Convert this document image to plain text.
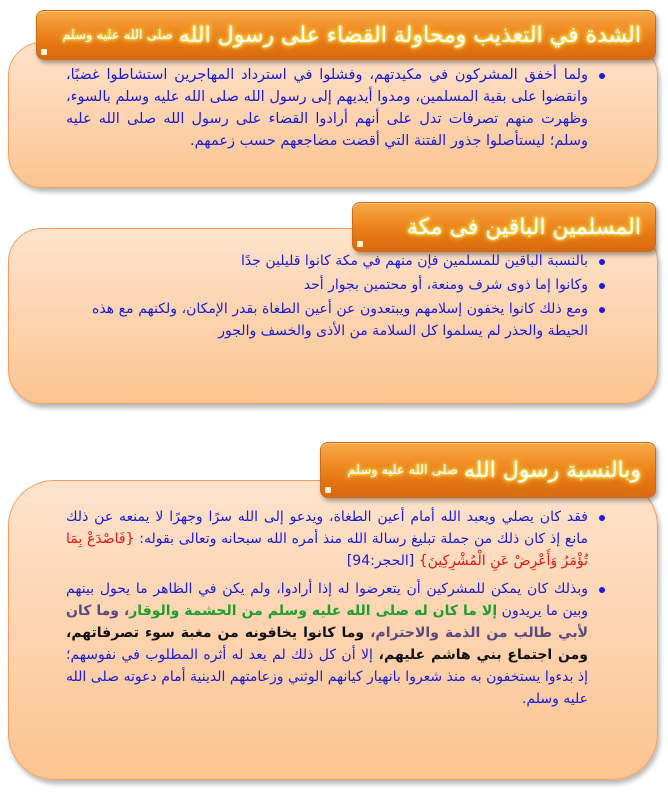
الشدة في التعذيب ومحاولة القضاء على رسول الله
صلى الله عليه وسلم
ولما أخفق المشركون في مكيدتهم، وفشلوا في استرداد المهاجرين استشاطوا غضبًا، وانقضوا على بقية المسلمين، ومدوا أيديهم إلى رسول الله صلى الله عليه وسلم بالسوء، وظهرت منهم تصرفات تدل على أنهم أرادوا القضاء على رسول الله صلى الله عليه وسلم؛ ليستأصلوا جذور الفتنة التي أقضت مضاجعهم حسب زعمهم.
المسلمين الباقين فى مكة
بالنسبة الباقين للمسلمين فإن منهم في مكة كانوا قليلين جدًا
وكانوا إما ذوى شرف ومنعة، أو محتمين بجوار أحد
ومع ذلك كانوا يخفون إسلامهم ويبتعدون عن أعين الطغاة بقدر الإمكان، ولكنهم مع هذه الحيطة والحذر لم يسلموا كل السلامة من الأذى والخسف والجور
وبالنسبة رسول الله
صلى الله عليه وسلم
فقد كان يصلي ويعبد الله أمام أعين الطغاة، ويدعو إلى الله سرًا وجهرًا لا يمنعه عن ذلك مانع إذ كان ذلك من جملة تبليغ رسالة الله منذ أمره الله سبحانه وتعالى بقوله: {فَاصْدَعْ بِمَا تُؤْمَرُ وَأَعْرِضْ عَنِ الْمُشْرِكِينَ} [الحجر:94]
وبذلك كان يمكن للمشركين أن يتعرضوا له إذا أرادوا، ولم يكن في الظاهر ما يحول بينهم وبين ما يريدون إلا ما كان له صلى الله عليه وسلم من الحشمة والوقار، وما كان لأبي طالب من الذمة والاحترام، وما كانوا يخافونه من مغبة سوء تصرفاتهم، ومن اجتماع بني هاشم عليهم، إلا أن كل ذلك لم يعد له أثره المطلوب في نفوسهم؛ إذ بدءوا يستخفون به منذ شعروا بانهيار كيانهم الوثني وزعامتهم الدينية أمام دعوته صلى الله عليه وسلم.
